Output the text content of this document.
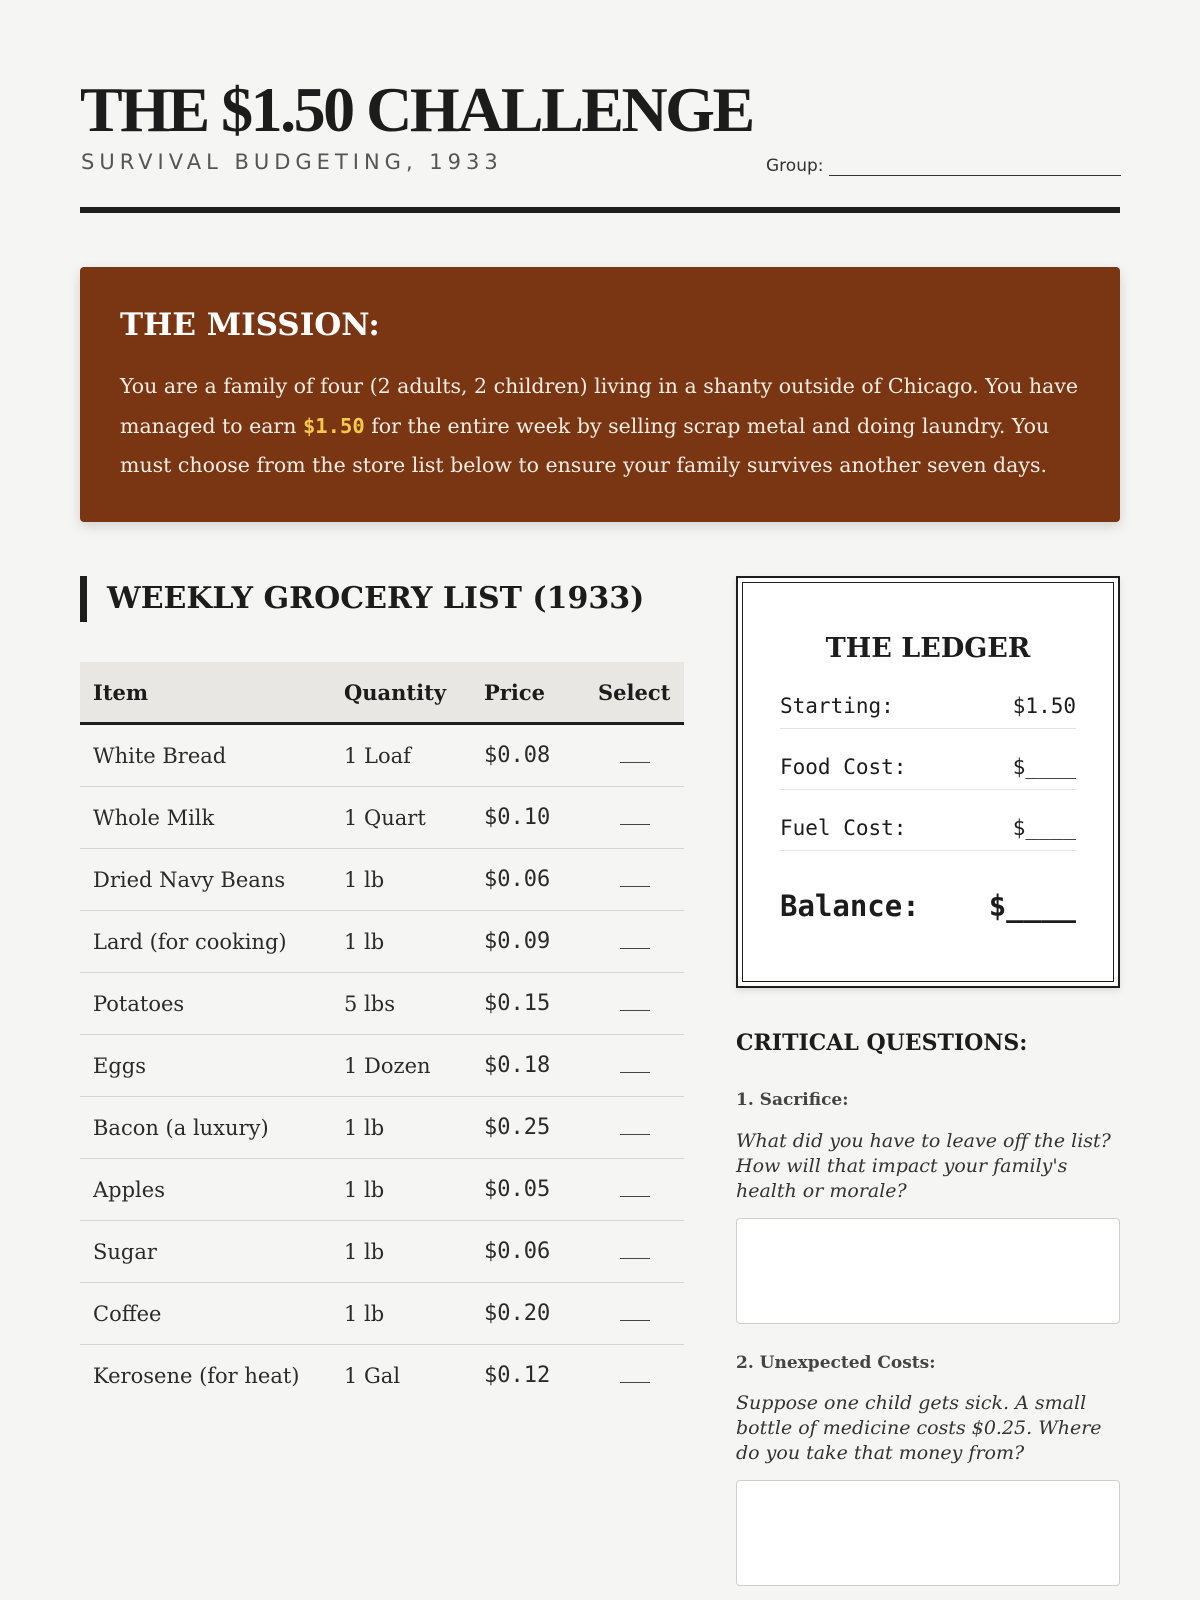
THE $1.50 CHALLENGE
SURVIVAL BUDGETING, 1933	Group:
THE MISSION:

You are a family of four (2 adults, 2 children) living in a shanty outside of Chicago. You have managed to earn $1.50 for the entire week by selling scrap metal and doing laundry. You must choose from the store list below to ensure your family survives another seven days.

WEEKLY GROCERY LIST (1933)
Item	Quantity	Price	Select
White Bread	1 Loaf	$0.08	
Whole Milk	1 Quart	$0.10	
Dried Navy Beans	1 lb	$0.06	
Lard (for cooking)	1 lb	$0.09	
Potatoes	5 lbs	$0.15	
Eggs	1 Dozen	$0.18	
Bacon (a luxury)	1 lb	$0.25	
Apples	1 lb	$0.05	
Sugar	1 lb	$0.06	
Coffee	1 lb	$0.20	
Kerosene (for heat)	1 Gal	$0.12	
THE LEDGER
Starting:	$1.50
Food Cost:	$____
Fuel Cost:	$____
Balance: $____
CRITICAL QUESTIONS:
1. Sacrifice:
What did you have to leave off the list? How will that impact your family's health or morale?
2. Unexpected Costs:
Suppose one child gets sick. A small bottle of medicine costs $0.25. Where do you take that money from?
